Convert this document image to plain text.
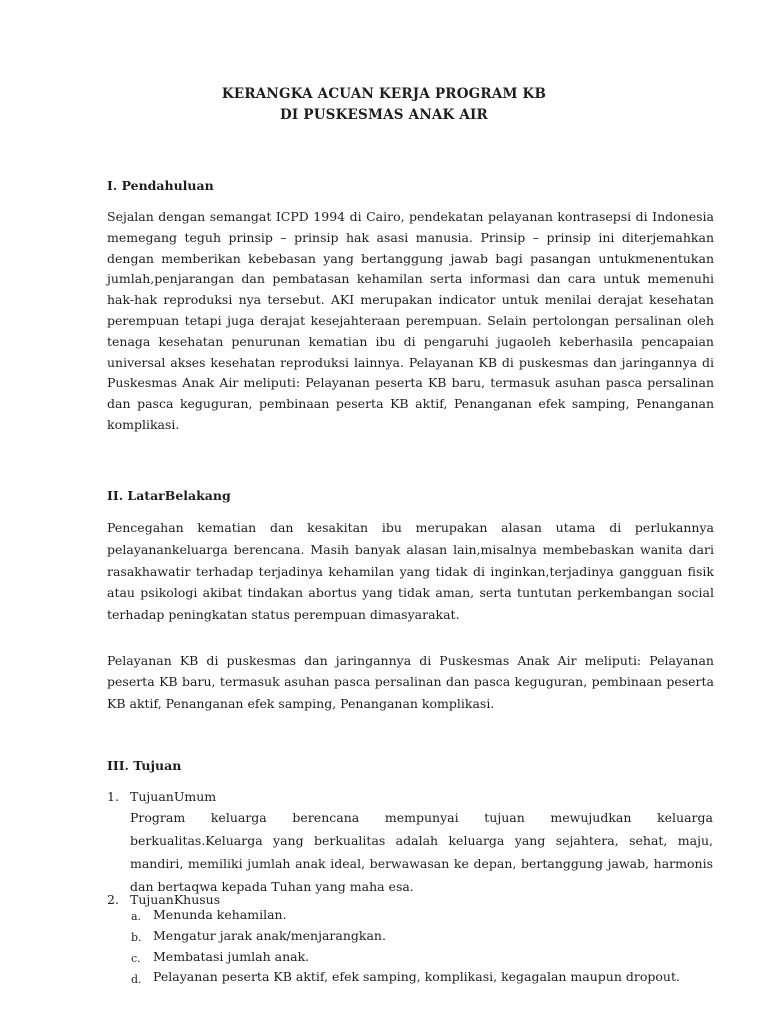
KERANGKA ACUAN KERJA PROGRAM KB
DI PUSKESMAS ANAK AIR
I. Pendahuluan

Sejalan dengan semangat ICPD 1994 di Cairo, pendekatan pelayanan kontrasepsi di Indonesia memegang teguh prinsip – prinsip hak asasi manusia. Prinsip – prinsip ini diterjemahkan dengan memberikan kebebasan yang bertanggung jawab bagi pasangan untukmenentukan jumlah,penjarangan dan pembatasan kehamilan serta informasi dan cara untuk memenuhi hak-hak reproduksi nya tersebut. AKI merupakan indicator untuk menilai derajat kesehatan perempuan tetapi juga derajat kesejahteraan perempuan. Selain pertolongan persalinan oleh tenaga kesehatan penurunan kematian ibu di pengaruhi jugaoleh keberhasila pencapaian universal akses kesehatan reproduksi lainnya. Pelayanan KB di puskesmas dan jaringannya di Puskesmas Anak Air meliputi: Pelayanan peserta KB baru, termasuk asuhan pasca persalinan dan pasca keguguran, pembinaan peserta KB aktif, Penanganan efek samping, Penanganan komplikasi.

II. LatarBelakang

Pencegahan kematian dan kesakitan ibu merupakan alasan utama di perlukannya pelayanankeluarga berencana. Masih banyak alasan lain,misalnya membebaskan wanita dari rasakhawatir terhadap terjadinya kehamilan yang tidak di inginkan,terjadinya gangguan fisik atau psikologi akibat tindakan abortus yang tidak aman, serta tuntutan perkembangan social terhadap peningkatan status perempuan dimasyarakat.

Pelayanan KB di puskesmas dan jaringannya di Puskesmas Anak Air meliputi: Pelayanan peserta KB baru, termasuk asuhan pasca persalinan dan pasca keguguran, pembinaan peserta KB aktif, Penanganan efek samping, Penanganan komplikasi.

III. Tujuan
1. TujuanUmum

Program keluarga berencana mempunyai tujuan mewujudkan keluarga berkualitas.Keluarga yang berkualitas adalah keluarga yang sejahtera, sehat, maju, mandiri, memiliki jumlah anak ideal, berwawasan ke depan, bertanggung jawab, harmonis dan bertaqwa kepada Tuhan yang maha esa.

2. TujuanKhusus
a. Menunda kehamilan.
b. Mengatur jarak anak/menjarangkan.
c. Membatasi jumlah anak.
d. Pelayanan peserta KB aktif, efek samping, komplikasi, kegagalan maupun dropout.
